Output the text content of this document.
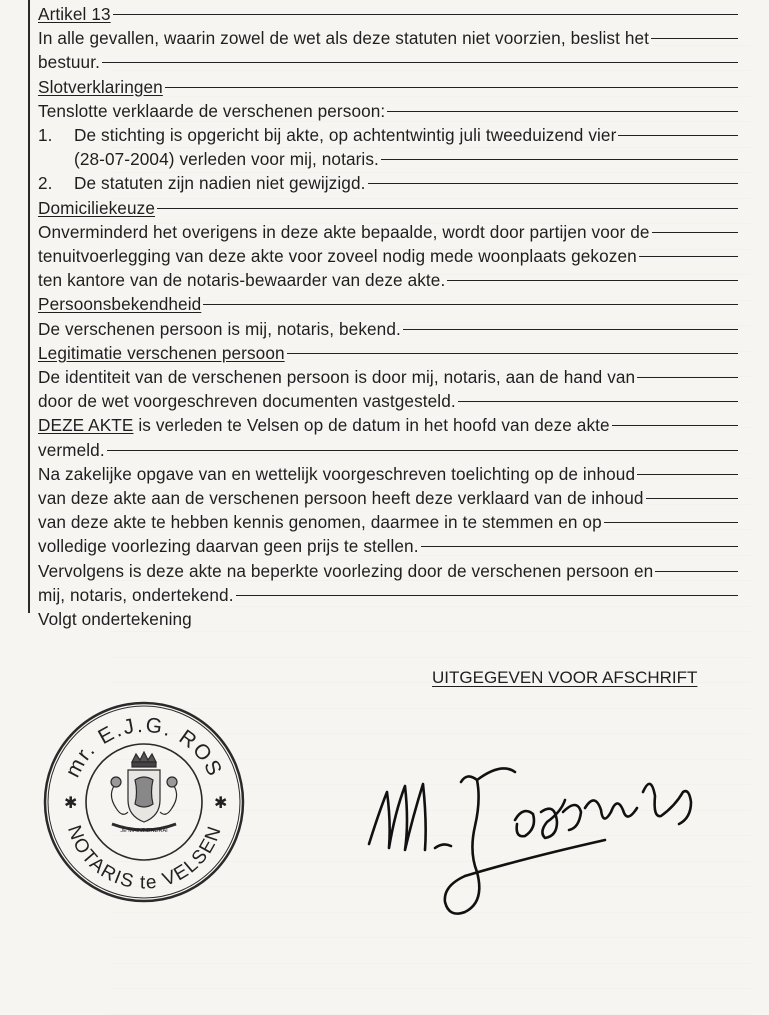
Artikel 13
In alle gevallen, waarin zowel de wet als deze statuten niet voorzien, beslist het
bestuur.
Slotverklaringen
Tenslotte verklaarde de verschenen persoon:
1.	De stichting is opgericht bij akte, op achtentwintig juli tweeduizend vier
(28-07-2004) verleden voor mij, notaris.
2.	De statuten zijn nadien niet gewijzigd.
Domiciliekeuze
Onverminderd het overigens in deze akte bepaalde, wordt door partijen voor de
tenuitvoerlegging van deze akte voor zoveel nodig mede woonplaats gekozen
ten kantore van de notaris-bewaarder van deze akte.
Persoonsbekendheid
De verschenen persoon is mij, notaris, bekend.
Legitimatie verschenen persoon
De identiteit van de verschenen persoon is door mij, notaris, aan de hand van
door de wet voorgeschreven documenten vastgesteld.
DEZE AKTE is verleden te Velsen op de datum in het hoofd van deze akte
vermeld.
Na zakelijke opgave van en wettelijk voorgeschreven toelichting op de inhoud
van deze akte aan de verschenen persoon heeft deze verklaard van de inhoud
van deze akte te hebben kennis genomen, daarmee in te stemmen en op
volledige voorlezing daarvan geen prijs te stellen.
Vervolgens is deze akte na beperkte voorlezing door de verschenen persoon en
mij, notaris, ondertekend.
Volgt ondertekening
UITGEGEVEN VOOR AFSCHRIFT
mr. E.J.G. ROS
NOTARIS te VELSEN
✱	✱
JE MAINTIENDRAI
